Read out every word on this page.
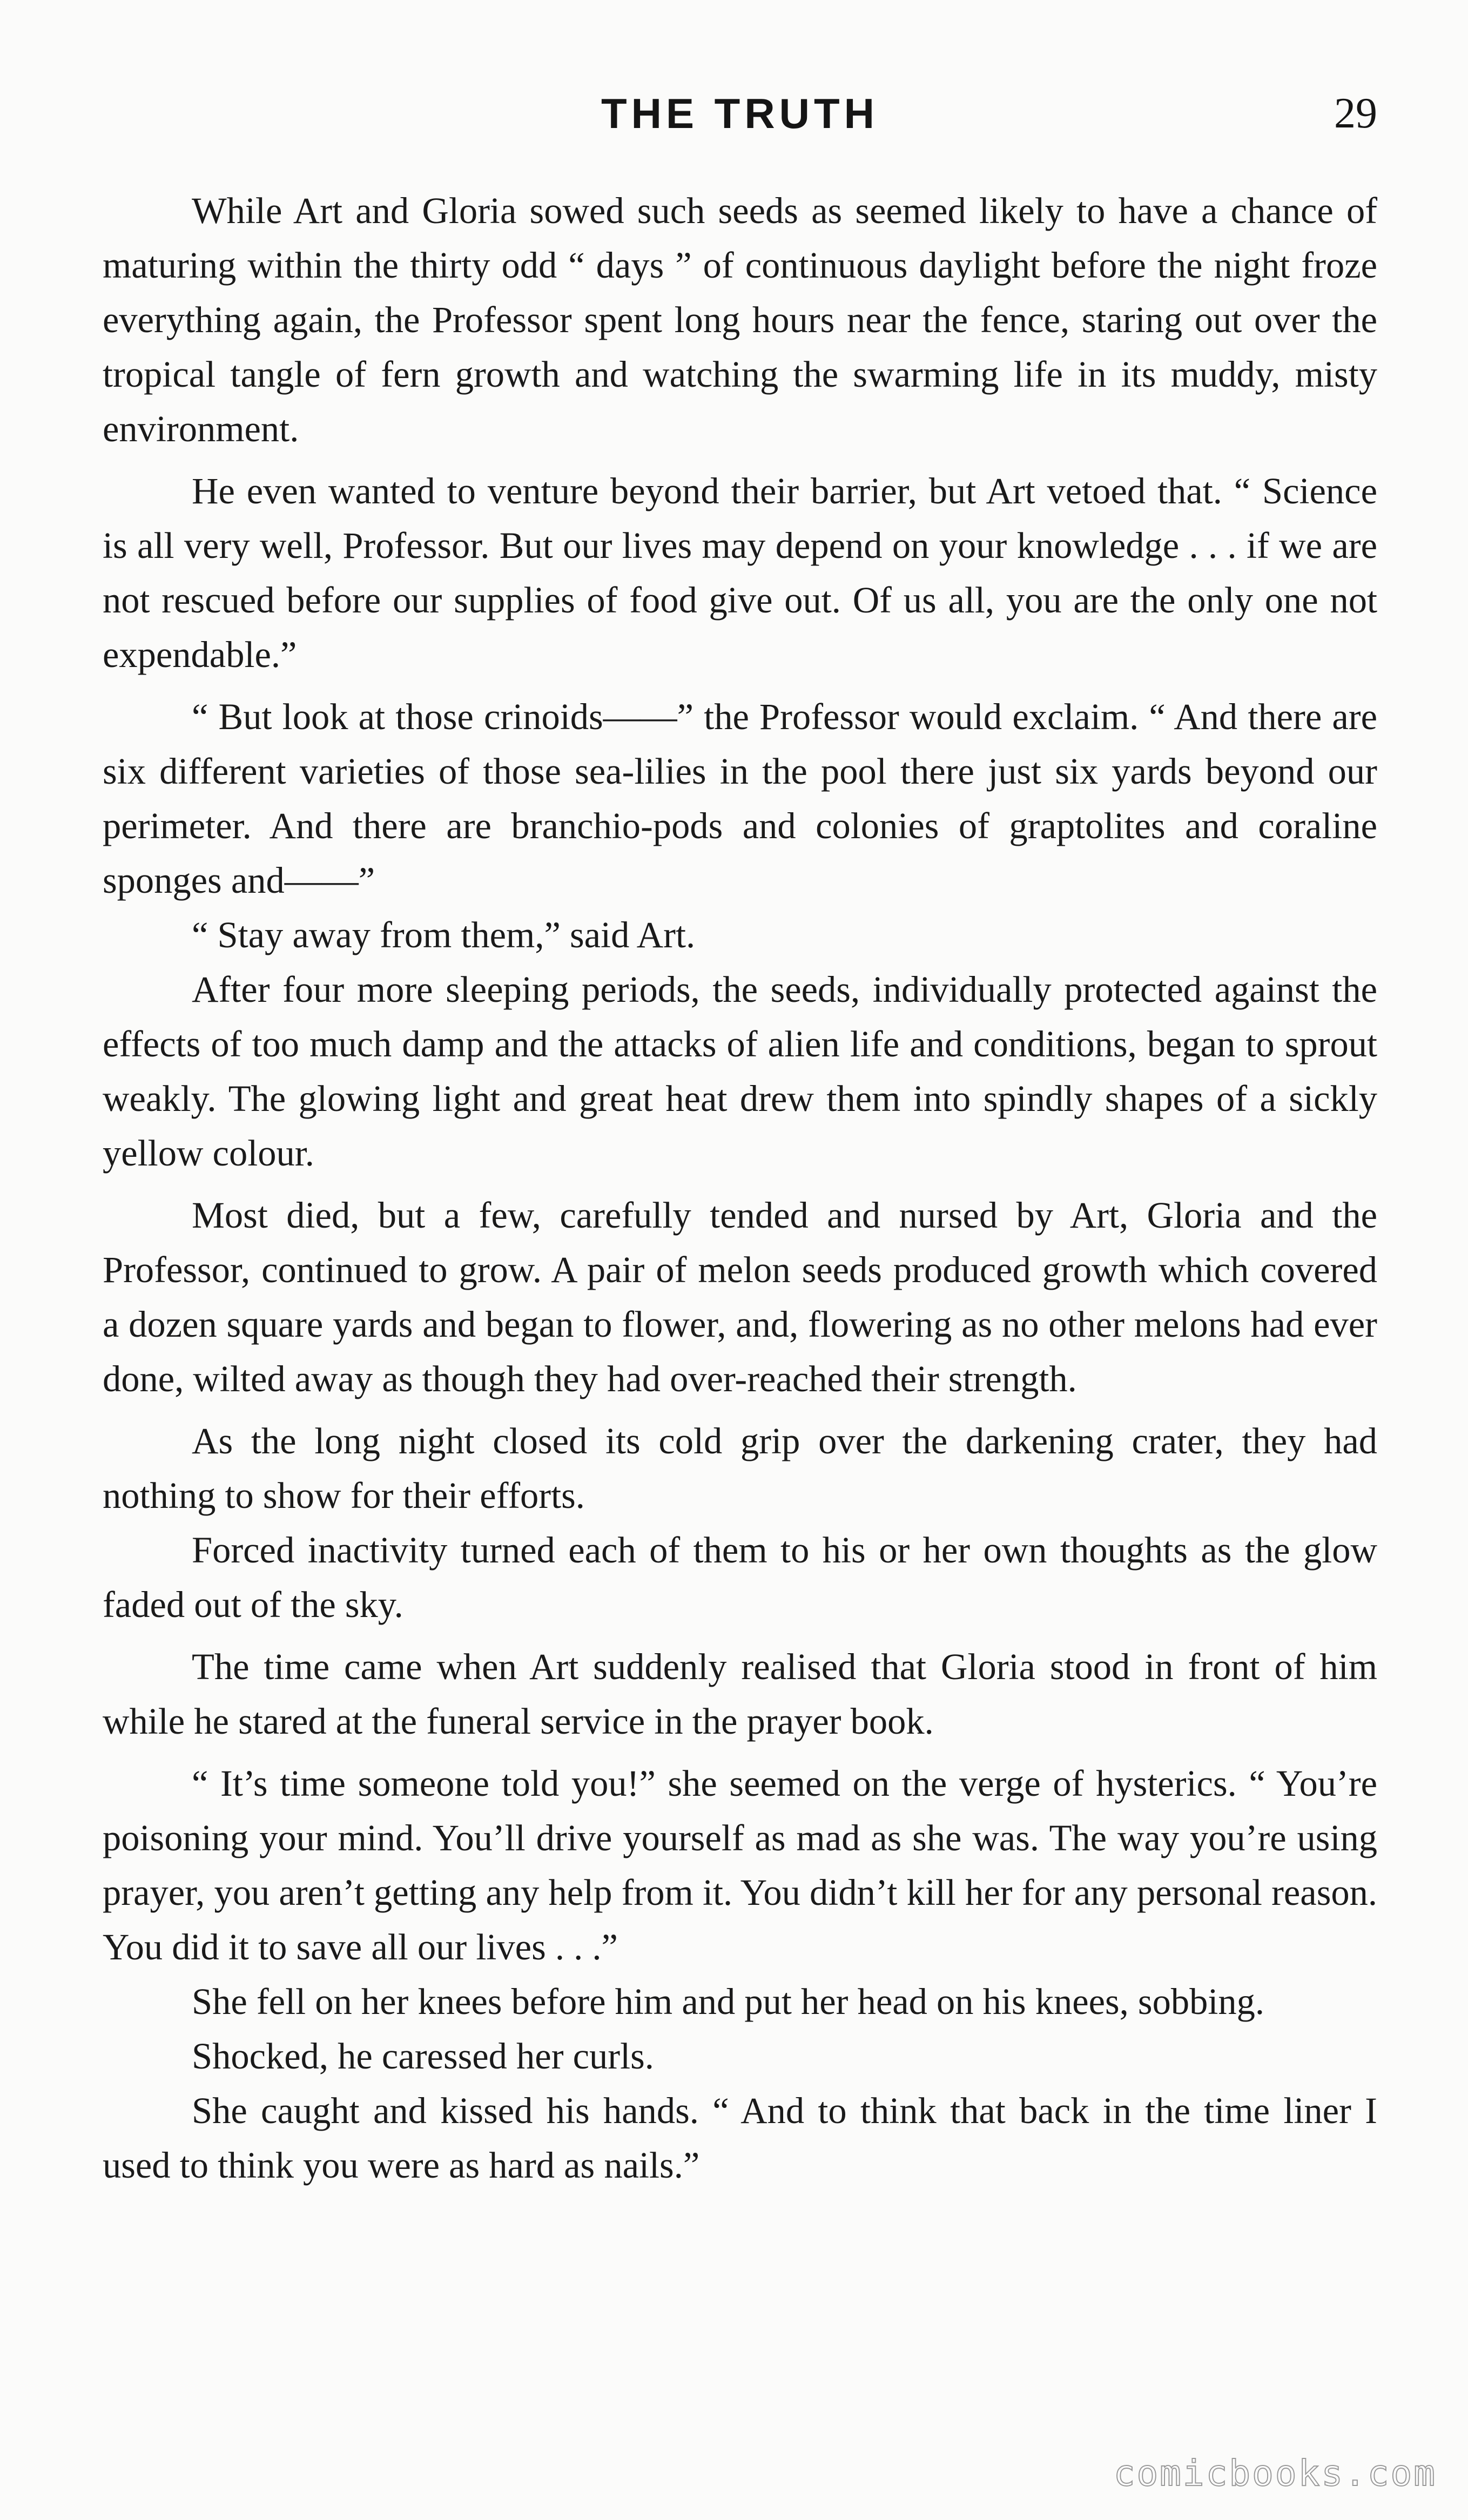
THE TRUTH	29

While Art and Gloria sowed such seeds as seemed likely to have a chance of maturing within the thirty odd “ days ” of continuous daylight before the night froze everything again, the Professor spent long hours near the fence, staring out over the tropical tangle of fern growth and watching the swarming life in its muddy, misty environment.

He even wanted to venture beyond their barrier, but Art vetoed that. “ Science is all very well, Professor. But our lives may depend on your knowledge . . . if we are not rescued before our supplies of food give out. Of us all, you are the only one not expendable.”

“ But look at those crinoids——” the Professor would exclaim. “ And there are six different varieties of those sea-lilies in the pool there just six yards beyond our perimeter. And there are branchio-pods and colonies of graptolites and coraline sponges and——”

“ Stay away from them,” said Art.

After four more sleeping periods, the seeds, individually protected against the effects of too much damp and the attacks of alien life and conditions, began to sprout weakly. The glowing light and great heat drew them into spindly shapes of a sickly yellow colour.

Most died, but a few, carefully tended and nursed by Art, Gloria and the Professor, continued to grow. A pair of melon seeds produced growth which covered a dozen square yards and began to flower, and, flowering as no other melons had ever done, wilted away as though they had over-reached their strength.

As the long night closed its cold grip over the darkening crater, they had nothing to show for their efforts.

Forced inactivity turned each of them to his or her own thoughts as the glow faded out of the sky.

The time came when Art suddenly realised that Gloria stood in front of him while he stared at the funeral service in the prayer book.

“ It’s time someone told you!” she seemed on the verge of hysterics. “ You’re poisoning your mind. You’ll drive yourself as mad as she was. The way you’re using prayer, you aren’t getting any help from it. You didn’t kill her for any personal reason. You did it to save all our lives . . .”

She fell on her knees before him and put her head on his knees, sobbing.

Shocked, he caressed her curls.

She caught and kissed his hands. “ And to think that back in the time liner I used to think you were as hard as nails.”

comicbooks.com
